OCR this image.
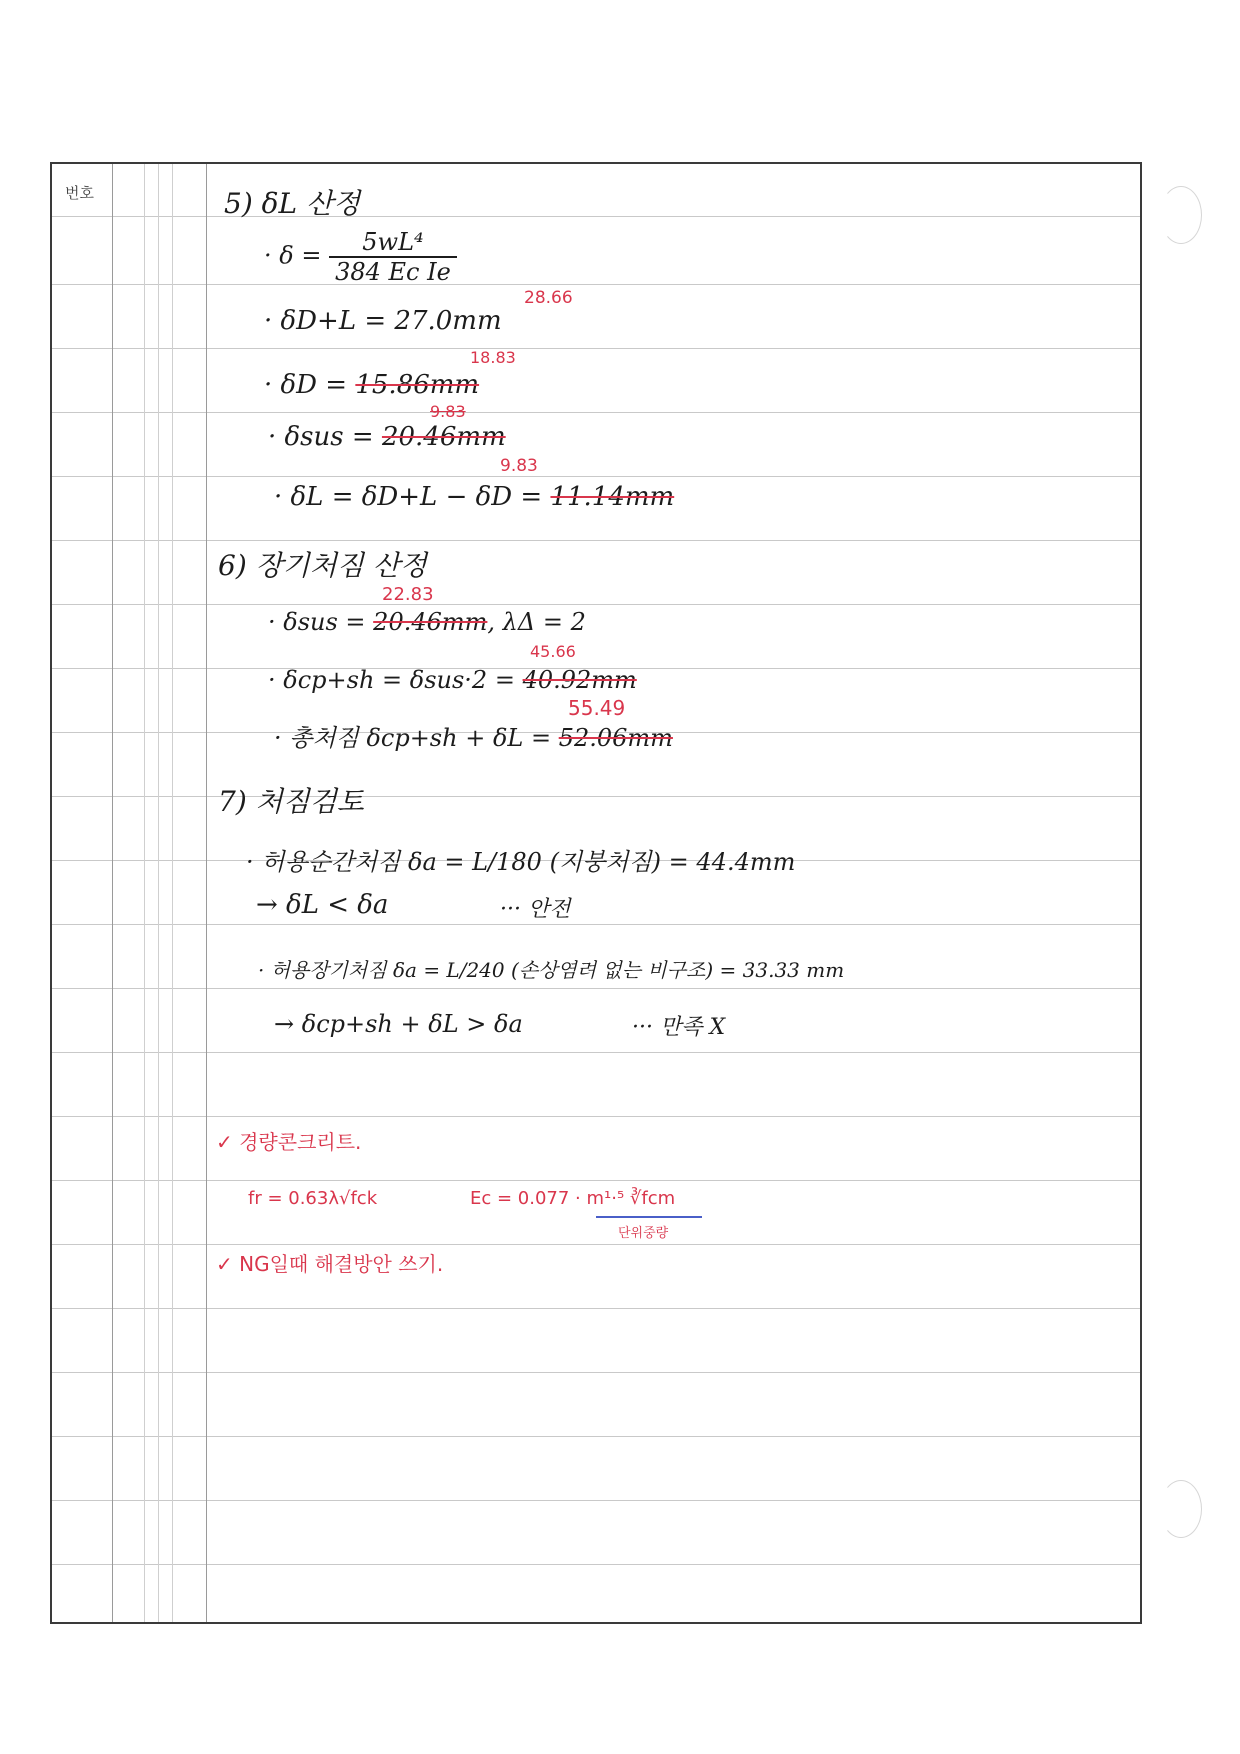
번호	5) δL 산정
· $\delta = \frac{\text{5wL⁴}}{\text{384 Ec Ie}}$
· δD+L = 27.0mm
28.66
· δD = 15.86mm
18.83
· δsus = 20.46mm
9.83
· δL = δD+L − δD = 11.14mm
9.83
6) 장기처짐 산정
· δsus = 20.46mm, λΔ = 2
22.83
· δcp+sh = δsus·2 = 40.92mm
45.66
· 총처짐 δcp+sh + δL = 52.06mm
55.49
7) 처짐검토
· 허용순간처짐 δa = L/180 (지붕처짐) = 44.4mm
→ δL < δa	··· 안전
· 허용장기처짐 δa = L/240 (손상염려 없는 비구조) = 33.33 mm
→ δcp+sh + δL > δa	··· 만족 X
✓ 경량콘크리트.
fr = 0.63λ√fck	Ec = 0.077 · m¹·⁵ ∛fcm
단위중량
✓ NG일때 해결방안 쓰기.
